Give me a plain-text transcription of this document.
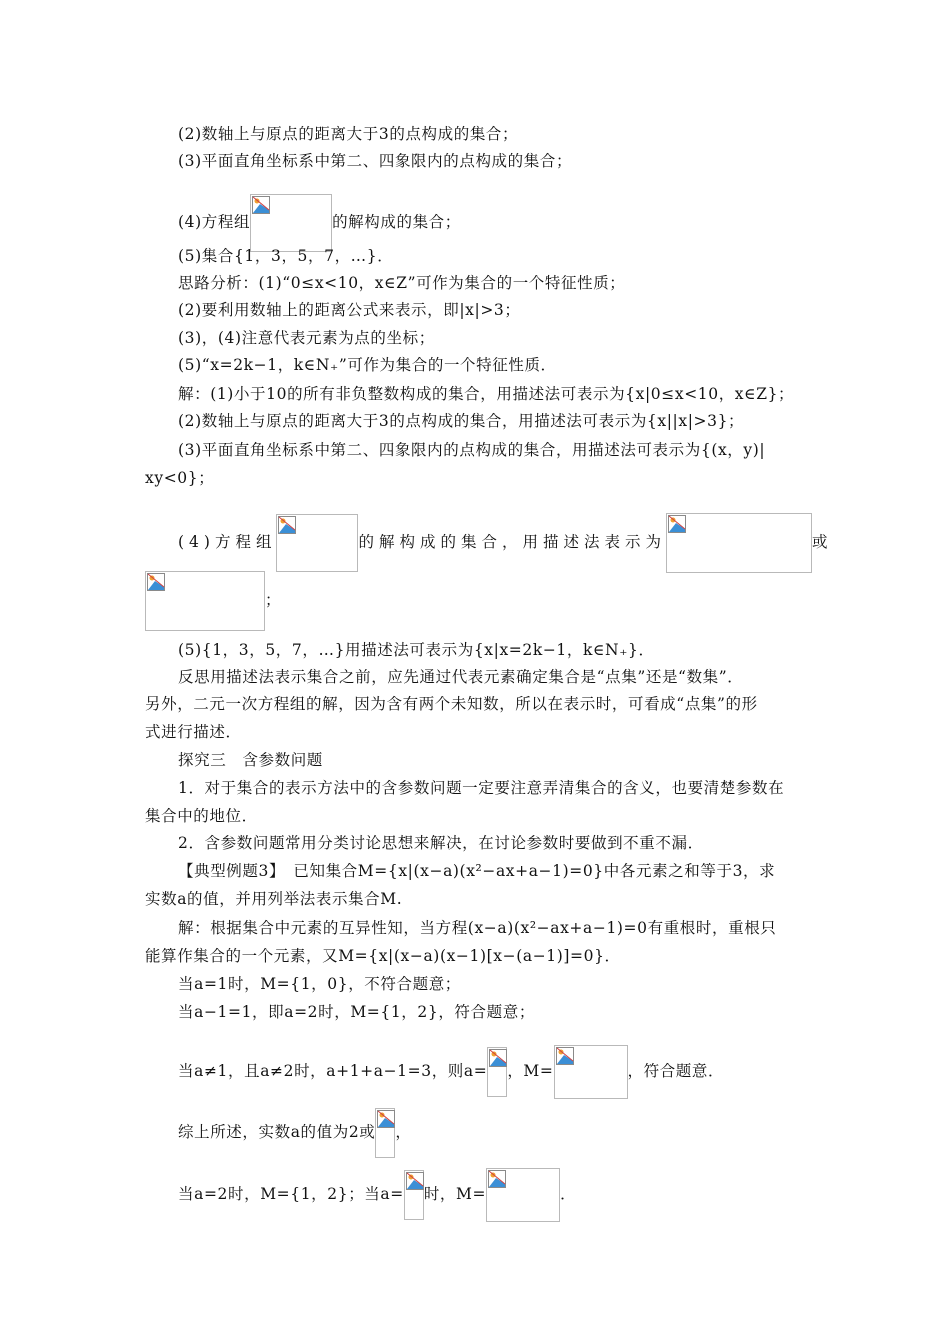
(2)数轴上与原点的距离大于3的点构成的集合；
(3)平面直角坐标系中第二、四象限内的点构成的集合；
(4)方程组	的解构成的集合；
(5)集合{1，3，5，7，…}．
思路分析：(1)“0≤x<10，x∈Z”可作为集合的一个特征性质；
(2)要利用数轴上的距离公式来表示，即|x|>3；
(3)，(4)注意代表元素为点的坐标；
(5)“x=2k−1，k∈N₊”可作为集合的一个特征性质．
解：(1)小于10的所有非负整数构成的集合，用描述法可表示为{x|0≤x<10，x∈Z}；
(2)数轴上与原点的距离大于3的点构成的集合，用描述法可表示为{x||x|>3}；
(3)平面直角坐标系中第二、四象限内的点构成的集合，用描述法可表示为{(x，y)|
xy<0}；
(4)方程组	的解构成的集合，用描述法表示为	或
；
(5){1，3，5，7，…}用描述法可表示为{x|x=2k−1，k∈N₊}．
反思用描述法表示集合之前，应先通过代表元素确定集合是“点集”还是“数集”．
另外，二元一次方程组的解，因为含有两个未知数，所以在表示时，可看成“点集”的形
式进行描述．
探究三　含参数问题
1．对于集合的表示方法中的含参数问题一定要注意弄清集合的含义，也要清楚参数在
集合中的地位．
2．含参数问题常用分类讨论思想来解决，在讨论参数时要做到不重不漏．
【典型例题3】　已知集合M={x|(x−a)(x²−ax+a−1)=0}中各元素之和等于3，求
实数a的值，并用列举法表示集合M.
解：根据集合中元素的互异性知，当方程(x−a)(x²−ax+a−1)=0有重根时，重根只
能算作集合的一个元素，又M={x|(x−a)(x−1)[x−(a−1)]=0}．
当a=1时，M={1，0}，不符合题意；
当a−1=1，即a=2时，M={1，2}，符合题意；
当a≠1，且a≠2时，a+1+a−1=3，则a= ，M=	，符合题意．
综上所述，实数a的值为2或 ，
当a=2时，M={1，2}；当a= 时，M=	．
